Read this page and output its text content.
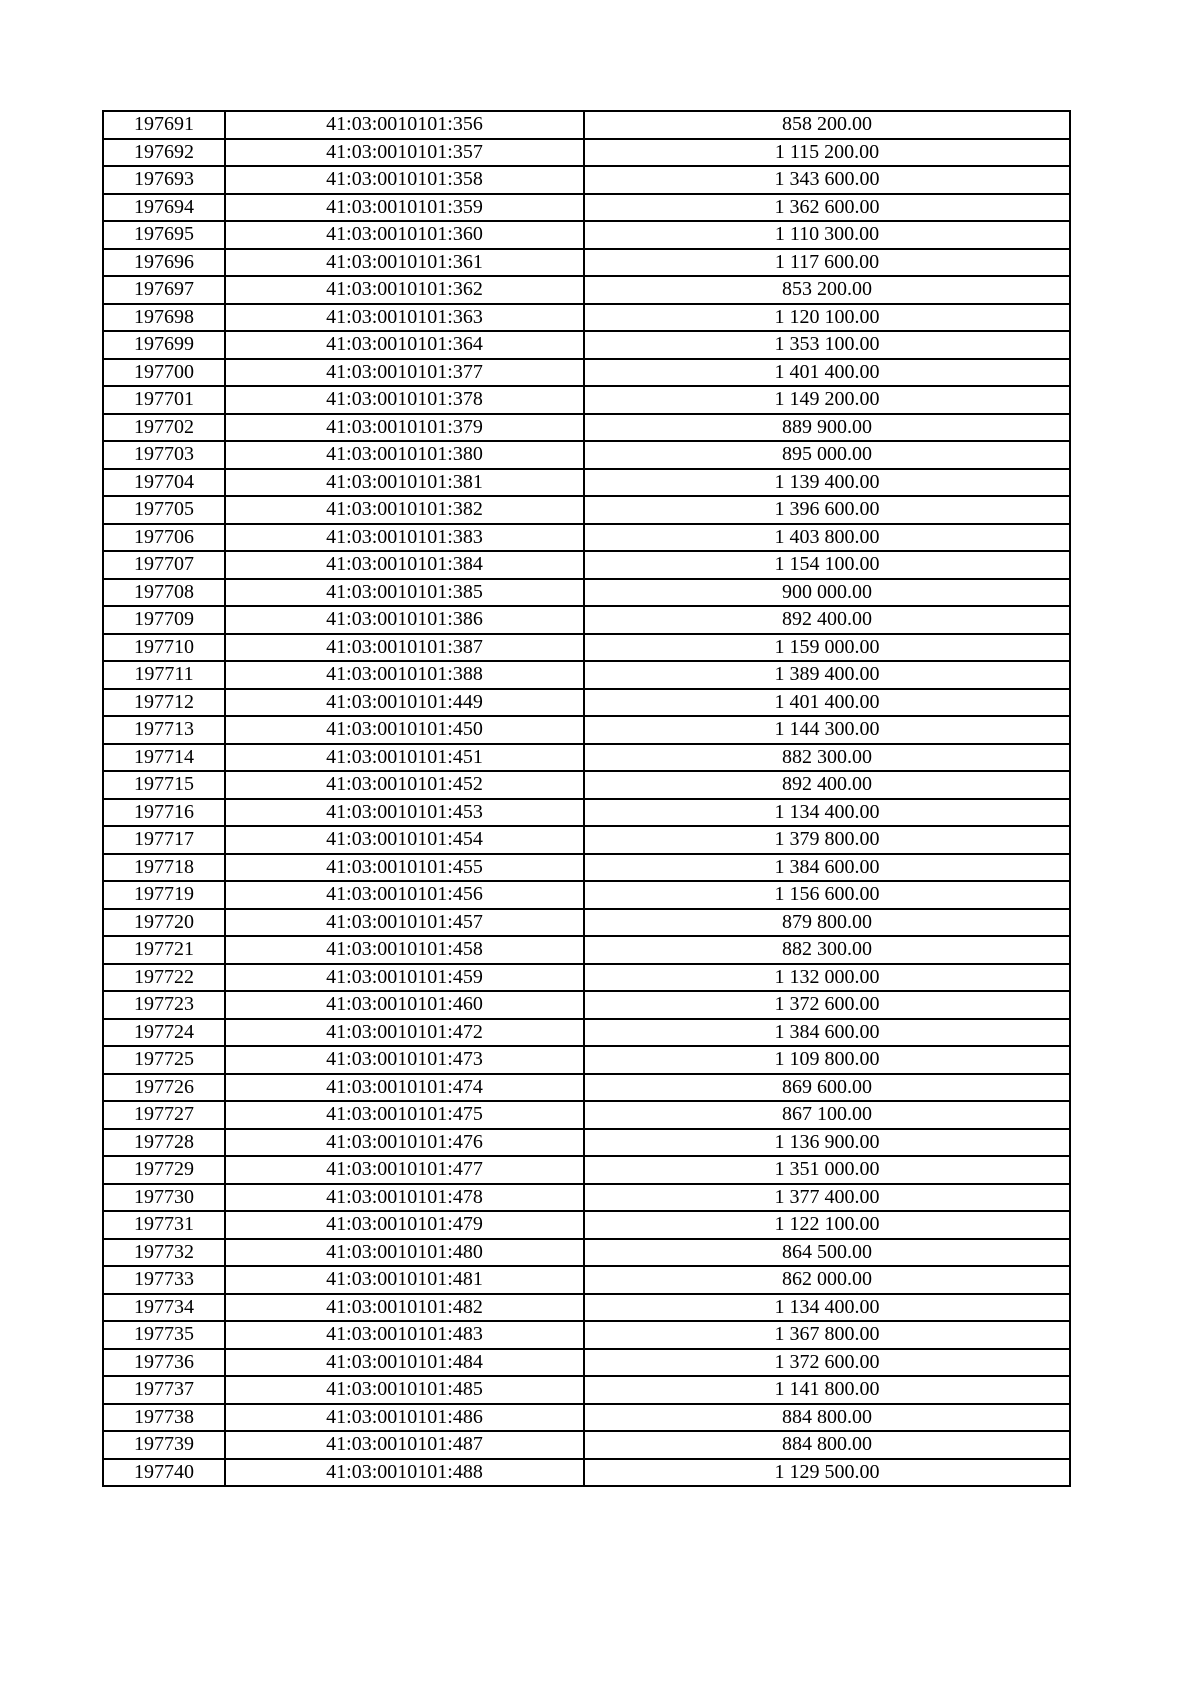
197691	41:03:0010101:356	858 200.00
197692	41:03:0010101:357	1 115 200.00
197693	41:03:0010101:358	1 343 600.00
197694	41:03:0010101:359	1 362 600.00
197695	41:03:0010101:360	1 110 300.00
197696	41:03:0010101:361	1 117 600.00
197697	41:03:0010101:362	853 200.00
197698	41:03:0010101:363	1 120 100.00
197699	41:03:0010101:364	1 353 100.00
197700	41:03:0010101:377	1 401 400.00
197701	41:03:0010101:378	1 149 200.00
197702	41:03:0010101:379	889 900.00
197703	41:03:0010101:380	895 000.00
197704	41:03:0010101:381	1 139 400.00
197705	41:03:0010101:382	1 396 600.00
197706	41:03:0010101:383	1 403 800.00
197707	41:03:0010101:384	1 154 100.00
197708	41:03:0010101:385	900 000.00
197709	41:03:0010101:386	892 400.00
197710	41:03:0010101:387	1 159 000.00
197711	41:03:0010101:388	1 389 400.00
197712	41:03:0010101:449	1 401 400.00
197713	41:03:0010101:450	1 144 300.00
197714	41:03:0010101:451	882 300.00
197715	41:03:0010101:452	892 400.00
197716	41:03:0010101:453	1 134 400.00
197717	41:03:0010101:454	1 379 800.00
197718	41:03:0010101:455	1 384 600.00
197719	41:03:0010101:456	1 156 600.00
197720	41:03:0010101:457	879 800.00
197721	41:03:0010101:458	882 300.00
197722	41:03:0010101:459	1 132 000.00
197723	41:03:0010101:460	1 372 600.00
197724	41:03:0010101:472	1 384 600.00
197725	41:03:0010101:473	1 109 800.00
197726	41:03:0010101:474	869 600.00
197727	41:03:0010101:475	867 100.00
197728	41:03:0010101:476	1 136 900.00
197729	41:03:0010101:477	1 351 000.00
197730	41:03:0010101:478	1 377 400.00
197731	41:03:0010101:479	1 122 100.00
197732	41:03:0010101:480	864 500.00
197733	41:03:0010101:481	862 000.00
197734	41:03:0010101:482	1 134 400.00
197735	41:03:0010101:483	1 367 800.00
197736	41:03:0010101:484	1 372 600.00
197737	41:03:0010101:485	1 141 800.00
197738	41:03:0010101:486	884 800.00
197739	41:03:0010101:487	884 800.00
197740	41:03:0010101:488	1 129 500.00
